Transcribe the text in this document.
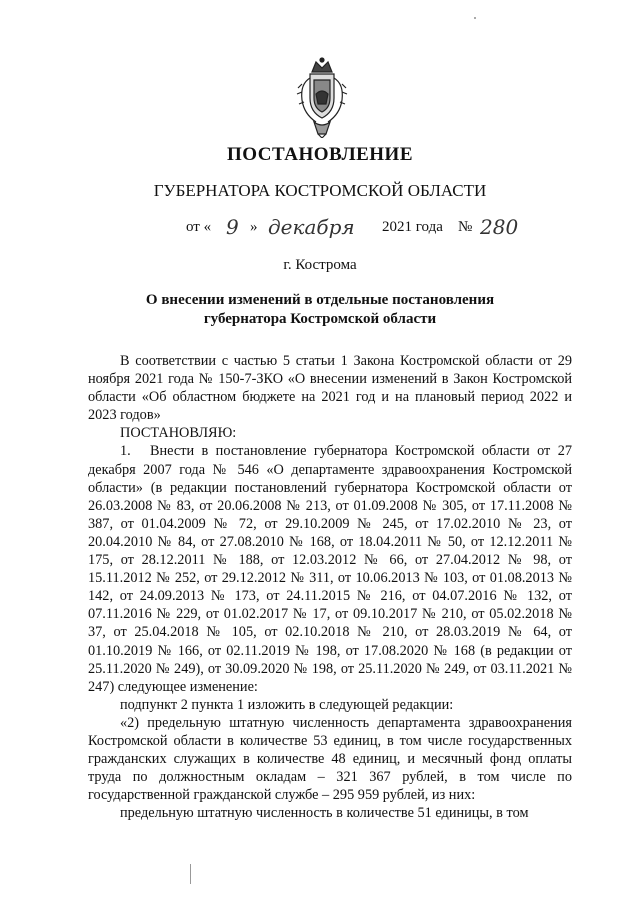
ПОСТАНОВЛЕНИЕ
ГУБЕРНАТОРА КОСТРОМСКОЙ ОБЛАСТИ
от « 9 » декабря 2021 года № 280
г. Кострома
О внесении изменений в отдельные постановления
губернатора Костромской области

В соответствии с частью 5 статьи 1 Закона Костромской области от 29 ноября 2021 года № 150-7-ЗКО «О внесении изменений в Закон Костромской области «Об областном бюджете на 2021 год и на плановый период 2022 и 2023 годов»

ПОСТАНОВЛЯЮ:

1. Внести в постановление губернатора Костромской области от 27 декабря 2007 года № 546 «О департаменте здравоохранения Костромской области» (в редакции постановлений губернатора Костромской области от 26.03.2008 № 83, от 20.06.2008 № 213, от 01.09.2008 № 305, от 17.11.2008 № 387, от 01.04.2009 № 72, от 29.10.2009 № 245, от 17.02.2010 № 23, от 20.04.2010 № 84, от 27.08.2010 № 168, от 18.04.2011 № 50, от 12.12.2011 № 175, от 28.12.2011 № 188, от 12.03.2012 № 66, от 27.04.2012 № 98, от 15.11.2012 № 252, от 29.12.2012 № 311, от 10.06.2013 № 103, от 01.08.2013 № 142, от 24.09.2013 № 173, от 24.11.2015 № 216, от 04.07.2016 № 132, от 07.11.2016 № 229, от 01.02.2017 № 17, от 09.10.2017 № 210, от 05.02.2018 № 37, от 25.04.2018 № 105, от 02.10.2018 № 210, от 28.03.2019 № 64, от 01.10.2019 № 166, от 02.11.2019 № 198, от 17.08.2020 № 168 (в редакции от 25.11.2020 № 249), от 30.09.2020 № 198, от 25.11.2020 № 249, от 03.11.2021 № 247) следующее изменение:

подпункт 2 пункта 1 изложить в следующей редакции:

«2) предельную штатную численность департамента здравоохранения Костромской области в количестве 53 единиц, в том числе государственных гражданских служащих в количестве 48 единиц, и месячный фонд оплаты труда по должностным окладам – 321 367 рублей, в том числе по государственной гражданской службе – 295 959 рублей, из них:

предельную штатную численность в количестве 51 единицы, в том
